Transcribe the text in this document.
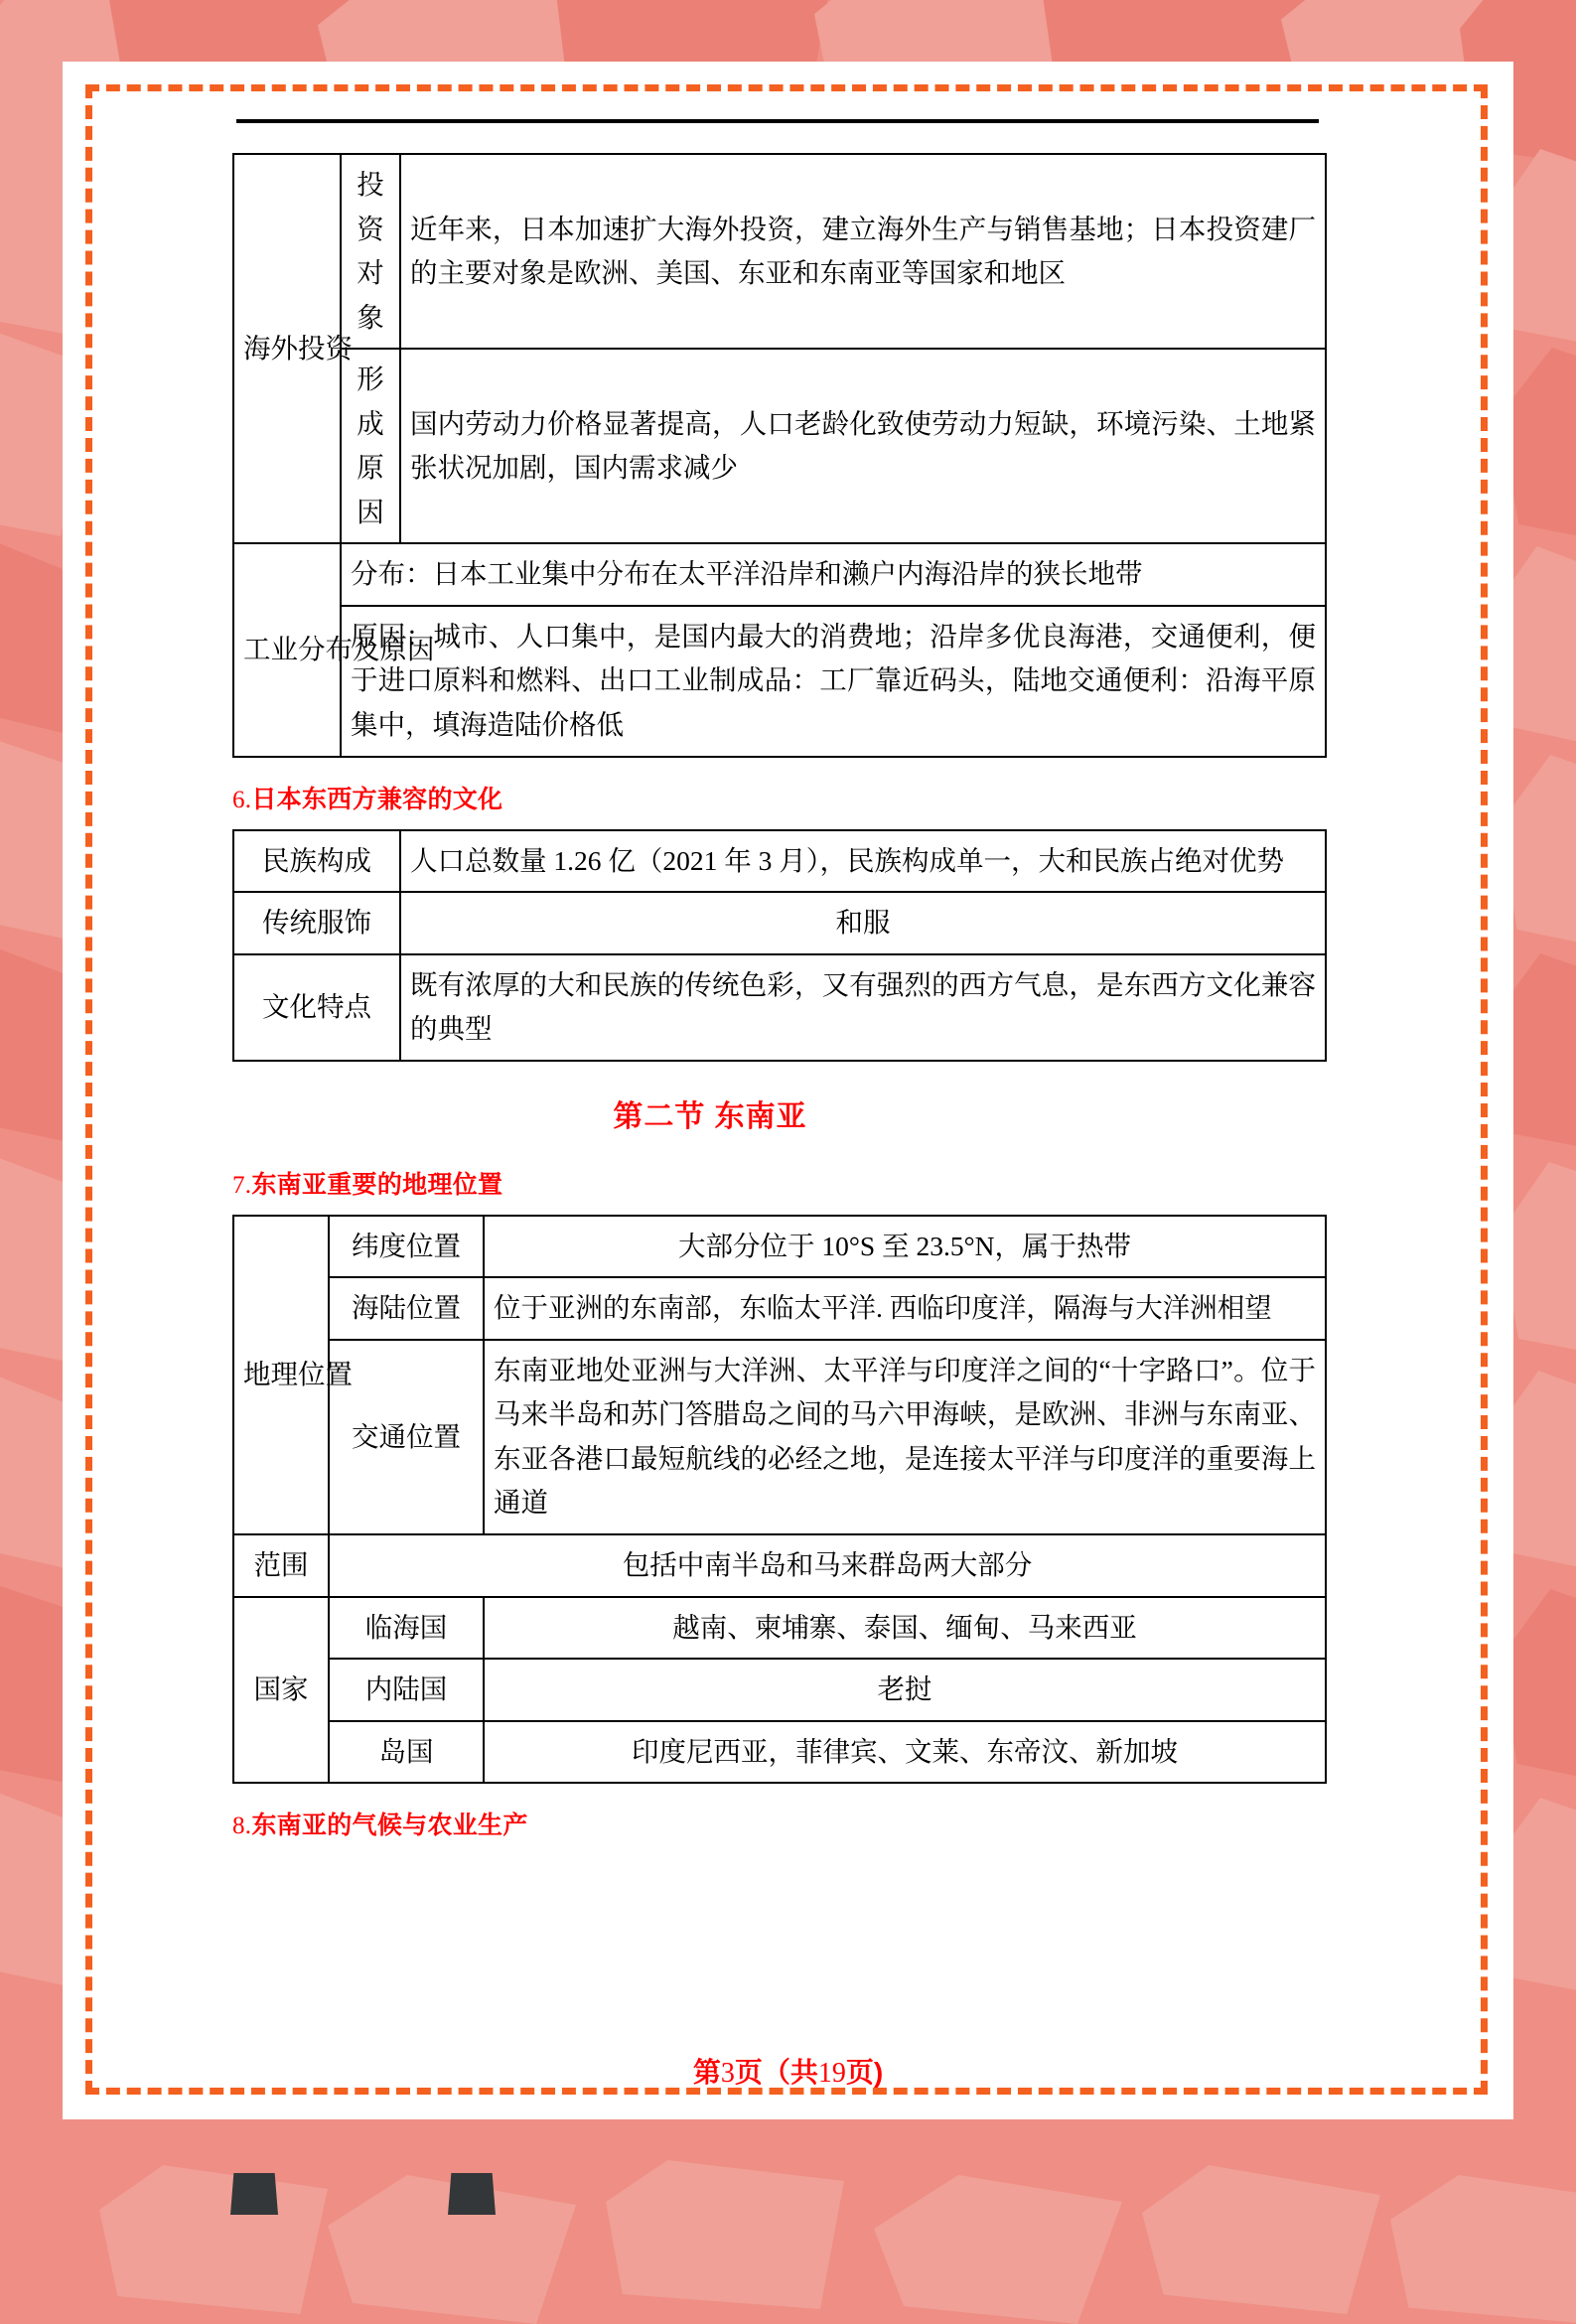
海外投资	投资对象	近年来，日本加速扩大海外投资，建立海外生产与销售基地；日本投资建厂的主要对象是欧洲、美国、东亚和东南亚等国家和地区
	形成原因	国内劳动力价格显著提高，人口老龄化致使劳动力短缺，环境污染、土地紧张状况加剧，国内需求减少
工业分布及原因	分布：日本工业集中分布在太平洋沿岸和濑户内海沿岸的狭长地带	
	原因：城市、人口集中，是国内最大的消费地；沿岸多优良海港，交通便利，便于进口原料和燃料、出口工业制成品：工厂靠近码头，陆地交通便利：沿海平原集中，填海造陆价格低	
6.日本东西方兼容的文化
民族构成	人口总数量 1.26 亿（2021 年 3 月），民族构成单一，大和民族占绝对优势
传统服饰	和服
文化特点	既有浓厚的大和民族的传统色彩，又有强烈的西方气息，是东西方文化兼容的典型
第二节 东南亚
7.东南亚重要的地理位置
地理位置	纬度位置	大部分位于 10°S 至 23.5°N，属于热带
	海陆位置	位于亚洲的东南部，东临太平洋. 西临印度洋，隔海与大洋洲相望
	交通位置	东南亚地处亚洲与大洋洲、太平洋与印度洋之间的“十字路口”。位于马来半岛和苏门答腊岛之间的马六甲海峡，是欧洲、非洲与东南亚、东亚各港口最短航线的必经之地，是连接太平洋与印度洋的重要海上通道
范围	包括中南半岛和马来群岛两大部分	
国家	临海国	越南、柬埔寨、泰国、缅甸、马来西亚
	内陆国	老挝
	岛国	印度尼西亚，菲律宾、文莱、东帝汶、新加坡
8.东南亚的气候与农业生产
第3页（共19页)
